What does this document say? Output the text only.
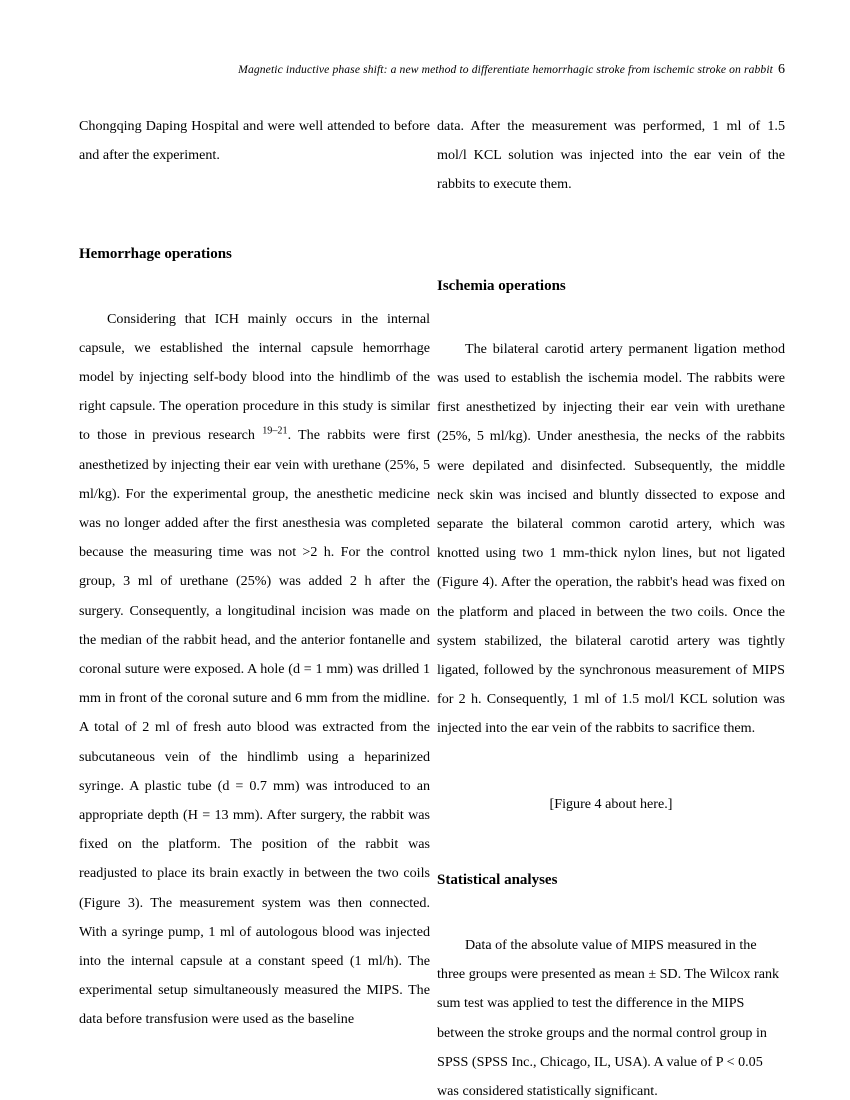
Magnetic inductive phase shift: a new method to differentiate hemorrhagic stroke from ischemic stroke on rabbit 6

Chongqing Daping Hospital and were well attended to before and after the experiment.

Hemorrhage operations

Considering that ICH mainly occurs in the internal capsule, we established the internal capsule hemorrhage model by injecting self-body blood into the hindlimb of the right capsule. The operation procedure in this study is similar to those in previous research $^{19-21}$. The rabbits were first anesthetized by injecting their ear vein with urethane (25%, 5 ml/kg). For the experimental group, the anesthetic medicine was no longer added after the first anesthesia was completed because the measuring time was not >2 h. For the control group, 3 ml of urethane (25%) was added 2 h after the surgery. Consequently, a longitudinal incision was made on the median of the rabbit head, and the anterior fontanelle and coronal suture were exposed. A hole (d = 1 mm) was drilled 1 mm in front of the coronal suture and 6 mm from the midline. A total of 2 ml of fresh auto blood was extracted from the subcutaneous vein of the hindlimb using a heparinized syringe. A plastic tube (d = 0.7 mm) was introduced to an appropriate depth (H = 13 mm). After surgery, the rabbit was fixed on the platform. The position of the rabbit was readjusted to place its brain exactly in between the two coils (Figure 3). The measurement system was then connected. With a syringe pump, 1 ml of autologous blood was injected into the internal capsule at a constant speed (1 ml/h). The experimental setup simultaneously measured the MIPS. The data before transfusion were used as the baseline

data. After the measurement was performed, 1 ml of 1.5 mol/l KCL solution was injected into the ear vein of the rabbits to execute them.

Ischemia operations

The bilateral carotid artery permanent ligation method was used to establish the ischemia model. The rabbits were first anesthetized by injecting their ear vein with urethane (25%, 5 ml/kg). Under anesthesia, the necks of the rabbits were depilated and disinfected. Subsequently, the middle neck skin was incised and bluntly dissected to expose and separate the bilateral common carotid artery, which was knotted using two 1 mm-thick nylon lines, but not ligated (Figure 4). After the operation, the rabbit's head was fixed on the platform and placed in between the two coils. Once the system stabilized, the bilateral carotid artery was tightly ligated, followed by the synchronous measurement of MIPS for 2 h. Consequently, 1 ml of 1.5 mol/l KCL solution was injected into the ear vein of the rabbits to sacrifice them.

[Figure 4 about here.]

Statistical analyses

Data of the absolute value of MIPS measured in the three groups were presented as mean ± SD. The Wilcox rank sum test was applied to test the difference in the MIPS between the stroke groups and the normal control group in SPSS (SPSS Inc., Chicago, IL, USA). A value of P < 0.05 was considered statistically significant.
